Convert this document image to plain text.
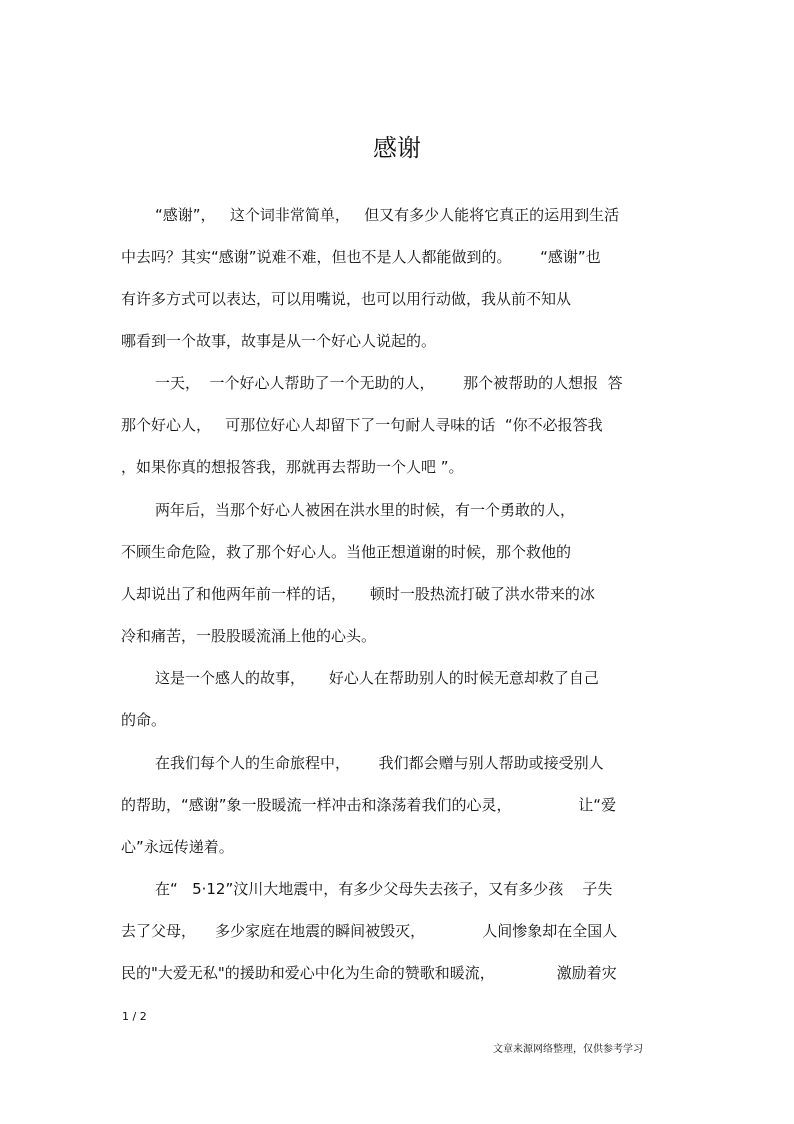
感谢
“感谢”，   这个词非常简单，   但又有多少人能将它真正的运用到生活
中去吗？其实“感谢”说难不难，但也不是人人都能做到的。      “感谢”也
有许多方式可以表达，可以用嘴说，也可以用行动做，我从前不知从
哪看到一个故事，故事是从一个好心人说起的。
一天，  一个好心人帮助了一个无助的人，      那个被帮助的人想报  答
那个好心人，   可那位好心人却留下了一句耐人寻味的话  “你不必报答我
，如果你真的想报答我，那就再去帮助一个人吧 ”。
两年后，当那个好心人被困在洪水里的时候，有一个勇敢的人，
不顾生命危险，救了那个好心人。当他正想道谢的时候，那个救他的
人却说出了和他两年前一样的话，     顿时一股热流打破了洪水带来的冰
冷和痛苦，一股股暖流涌上他的心头。
这是一个感人的故事，     好心人在帮助别人的时候无意却救了自己
的命。
在我们每个人的生命旅程中，      我们都会赠与别人帮助或接受别人
的帮助，“感谢”象一股暖流一样冲击和涤荡着我们的心灵，              让“爱
心”永远传递着。
在“   5·12”汶川大地震中，有多少父母失去孩子，又有多少孩    子失
去了父母，    多少家庭在地震的瞬间被毁灭，            人间惨象却在全国人
民的"大爱无私"的援助和爱心中化为生命的赞歌和暖流，             激励着灾
1 / 2
文章来源网络整理，仅供参考学习
